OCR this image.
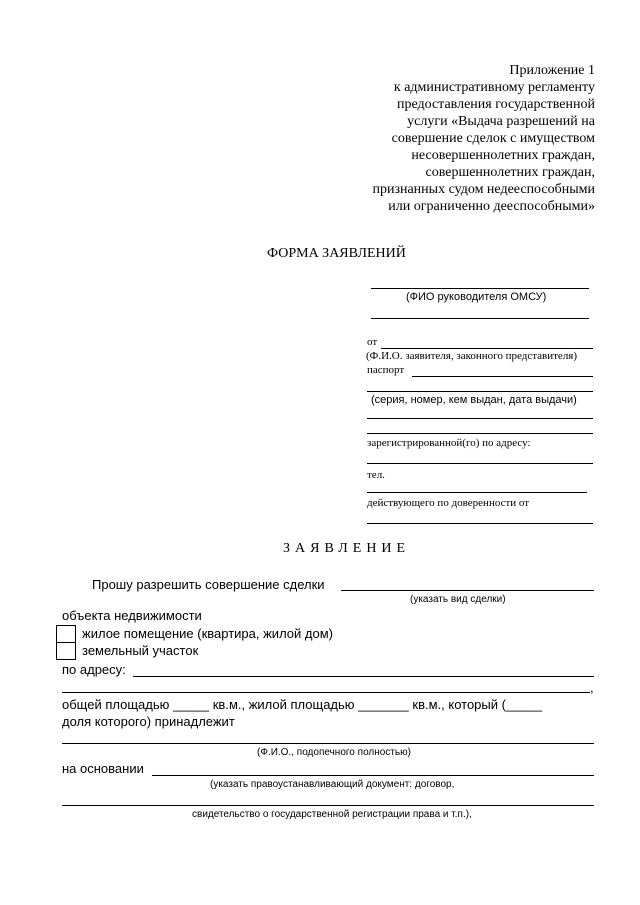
Приложение 1
к административному регламенту
предоставления государственной
услуги «Выдача разрешений на
совершение сделок с имуществом
несовершеннолетних граждан,
совершеннолетних граждан,
признанных судом недееспособными
или ограниченно дееспособными»
ФОРМА ЗАЯВЛЕНИЙ
(ФИО руководителя ОМСУ)
от
(Ф.И.О. заявителя, законного представителя)
паспорт
(серия, номер, кем выдан, дата выдачи)
зарегистрированной(го) по адресу:
тел.
действующего по доверенности от
ЗАЯВЛЕНИЕ
Прошу разрешить совершение сделки
(указать вид сделки)
объекта недвижимости
жилое помещение (квартира, жилой дом)
земельный участок
по адресу:
,
общей площадью _____ кв.м., жилой площадью _______ кв.м., который (_____
доля которого) принадлежит
(Ф.И.О., подопечного полностью)
на основании
(указать правоустанавливающий документ: договор,
свидетельство о государственной регистрации права и т.п.),
